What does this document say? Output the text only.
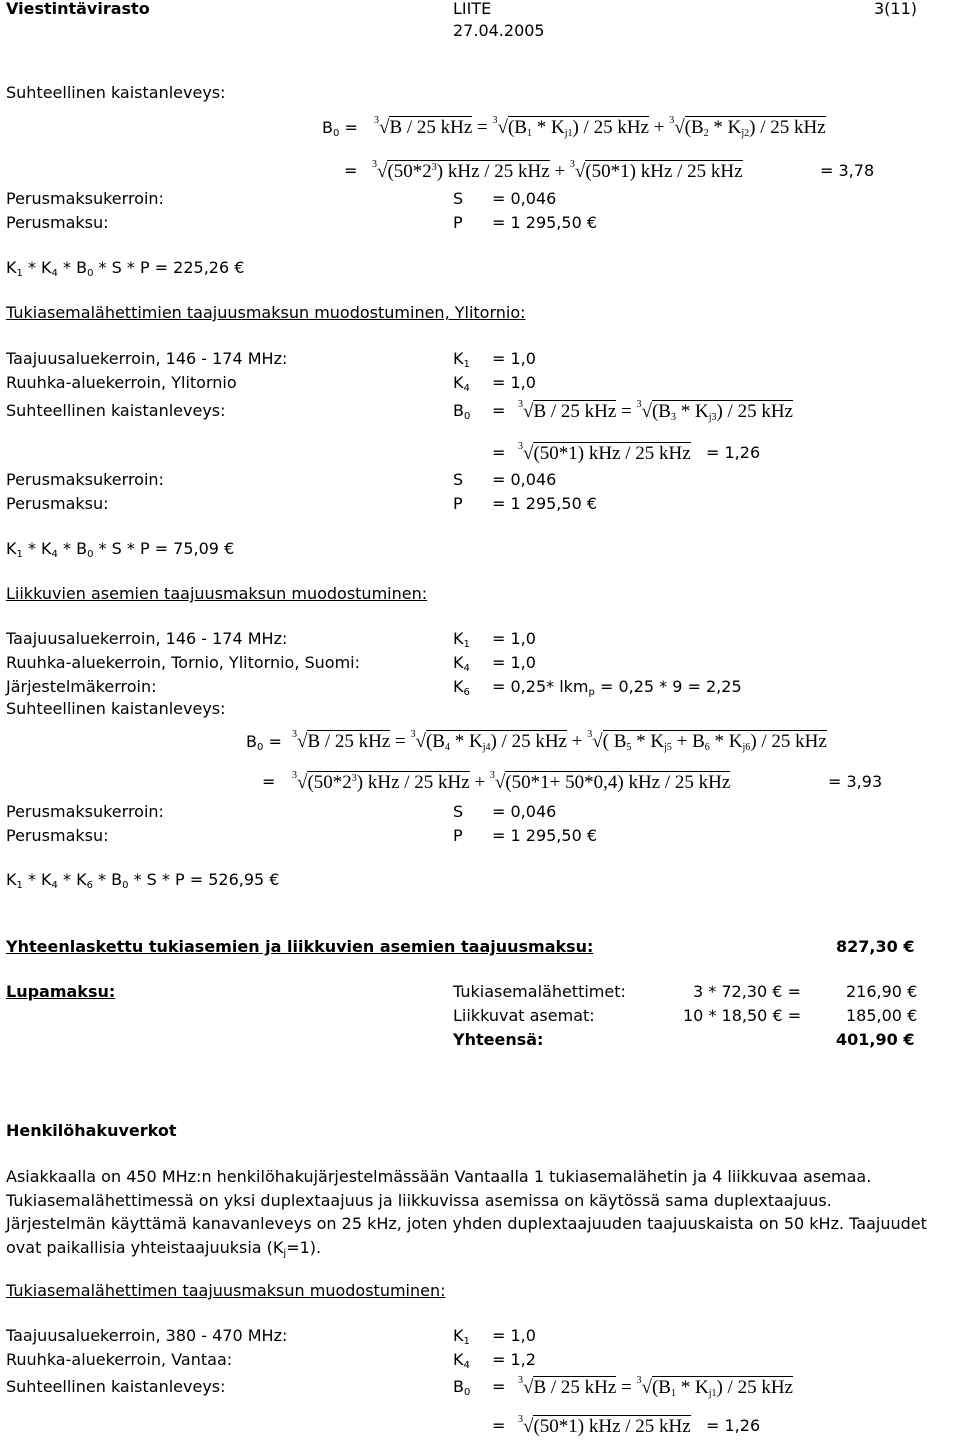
Viestintävirasto	LIITE
27.04.2005
3(11)
Suhteellinen kaistanleveys:
$B_0 = ^3√B / 25$ kHz = $^3√(B_1 * K_{j1}) / 25$ kHz + $^3√(B_2 * K_{j2}) / 25$ kHz
= $^3√(50*2^3)$ kHz / 25 kHz + $^3$√(50*1) kHz / 25 kHz	= 3,78
Perusmaksukerroin:	S = 0,046
Perusmaksu:	P = 1 295,50 €
$K_1 * K_4 * B_0 * S * P = 225,26$ €
Tukiasemalähettimien taajuusmaksun muodostuminen, Ylitornio:
Taajuusaluekerroin, 146 - 174 MHz:	$K_1 = 1,0$
Ruuhka-aluekerroin, Ylitornio	$K_4 = 1,0$
Suhteellinen kaistanleveys:	$B_0 = ^3√B / 25$ kHz = $^3√(B_3 * K_{j3}) / 25$ kHz
= $^3$√(50*1) kHz / 25 kHz = 1,26
Perusmaksukerroin:	S = 0,046
Perusmaksu:	P = 1 295,50 €
$K_1 * K_4 * B_0 * S * P = 75,09$ €
Liikkuvien asemien taajuusmaksun muodostuminen:
Taajuusaluekerroin, 146 - 174 MHz:	$K_1 = 1,0$
Ruuhka-aluekerroin, Tornio, Ylitornio, Suomi:	$K_4 = 1,0$
Järjestelmäkerroin:	$K_6 = 0,25*$ lkm$_p$ = 0,25 * 9 = 2,25
Suhteellinen kaistanleveys:
$B_0 = ^3√B / 25$ kHz = $^3√(B_4 * K_{j4}) / 25$ kHz + $^3$√( $B_5 * K_{j5} + B_6 * K_{j6}) / 25$ kHz
= $^3√(50*2^3)$ kHz / 25 kHz + $^3$√(50*1+ 50*0,4) kHz / 25 kHz	= 3,93
Perusmaksukerroin:	S = 0,046
Perusmaksu:	P = 1 295,50 €
$K_1 * K_4 * K_6 * B_0 * S * P = 526,95$ €
Yhteenlaskettu tukiasemien ja liikkuvien asemien taajuusmaksu:	827,30 €
Lupamaksu:	Tukiasemalähettimet:	3 * 72,30 € =	216,90 €
Liikkuvat asemat:	10 * 18,50 € =	185,00 €
Yhteensä:	401,90 €
Henkilöhakuverkot
Asiakkaalla on 450 MHz:n henkilöhakujärjestelmässään Vantaalla 1 tukiasemalähetin ja 4 liikkuvaa asemaa. Tukiasemalähettimessä on yksi duplextaajuus ja liikkuvissa asemissa on käytössä sama duplextaajuus. Järjestelmän käyttämä kanavanleveys on 25 kHz, joten yhden duplextaajuuden taajuuskaista on 50 kHz. Taajuudet ovat paikallisia yhteistaajuuksia $(K_j=1)$.
Tukiasemalähettimen taajuusmaksun muodostuminen:
Taajuusaluekerroin, 380 - 470 MHz:	$K_1 = 1,0$
Ruuhka-aluekerroin, Vantaa:	$K_4 = 1,2$
Suhteellinen kaistanleveys:	$B_0 = ^3√B / 25$ kHz = $^3√(B_1 * K_{j1}) / 25$ kHz
= $^3$√(50*1) kHz / 25 kHz = 1,26
